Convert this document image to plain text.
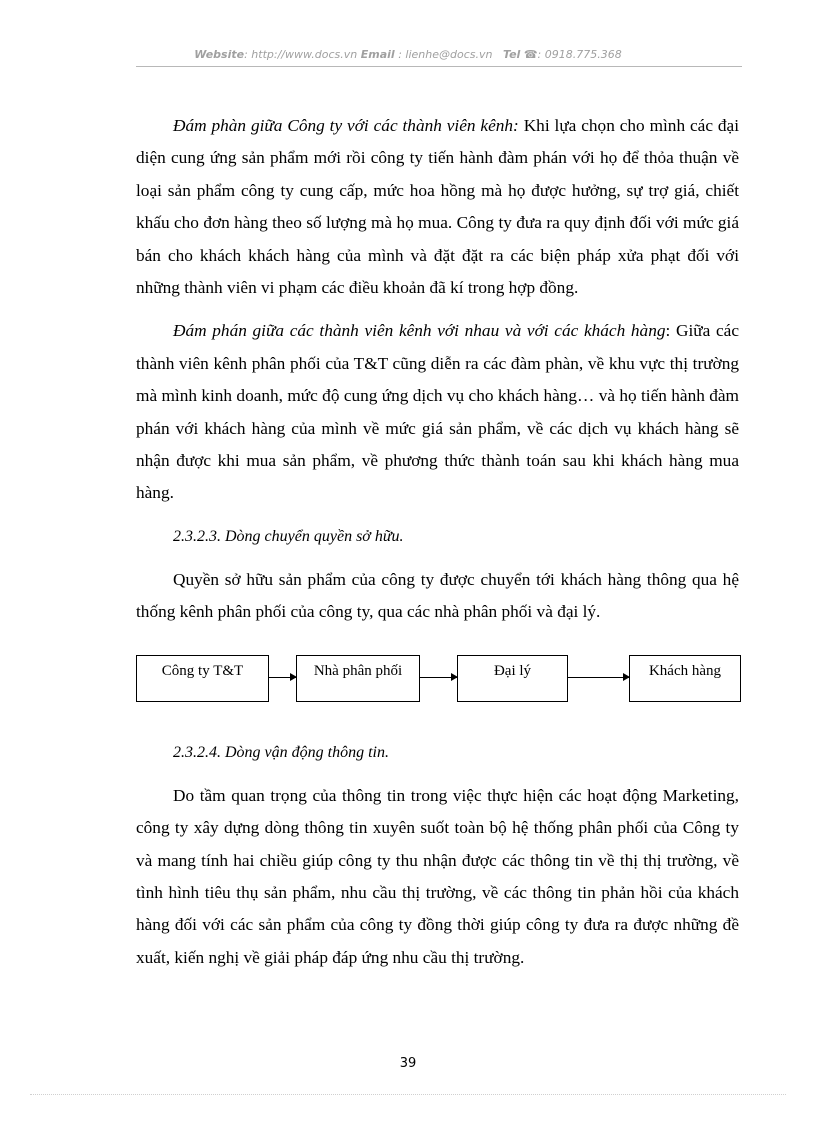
Website: http://www.docs.vn Email : lienhe@docs.vn Tel ☎: 0918.775.368

Đám phàn giữa Công ty với các thành viên kênh: Khi lựa chọn cho mình các đại diện cung ứng sản phẩm mới rồi công ty tiến hành đàm phán với họ để thỏa thuận về loại sản phẩm công ty cung cấp, mức hoa hồng mà họ được hưởng, sự trợ giá, chiết khấu cho đơn hàng theo số lượng mà họ mua. Công ty đưa ra quy định đối với mức giá bán cho khách khách hàng của mình và đặt đặt ra các biện pháp xửa phạt đối với những thành viên vi phạm các điều khoản đã kí trong hợp đồng.

Đám phán giữa các thành viên kênh với nhau và với các khách hàng: Giữa các thành viên kênh phân phối của T&T cũng diễn ra các đàm phàn, về khu vực thị trường mà mình kinh doanh, mức độ cung ứng dịch vụ cho khách hàng… và họ tiến hành đàm phán với khách hàng của mình về mức giá sản phẩm, về các dịch vụ khách hàng sẽ nhận được khi mua sản phẩm, về phương thức thành toán sau khi khách hàng mua hàng.

2.3.2.3. Dòng chuyển quyền sở hữu.

Quyền sở hữu sản phẩm của công ty được chuyển tới khách hàng thông qua hệ thống kênh phân phối của công ty, qua các nhà phân phối và đại lý.

Công ty T&T	Nhà phân phối	Đại lý	Khách hàng
2.3.2.4. Dòng vận động thông tin.

Do tầm quan trọng của thông tin trong việc thực hiện các hoạt động Marketing, công ty xây dựng dòng thông tin xuyên suốt toàn bộ hệ thống phân phối của Công ty và mang tính hai chiều giúp công ty thu nhận được các thông tin về thị thị trường, về tình hình tiêu thụ sản phẩm, nhu cầu thị trường, về các thông tin phản hồi của khách hàng đối với các sản phẩm của công ty đồng thời giúp công ty đưa ra được những đề xuất, kiến nghị về giải pháp đáp ứng nhu cầu thị trường.

39
